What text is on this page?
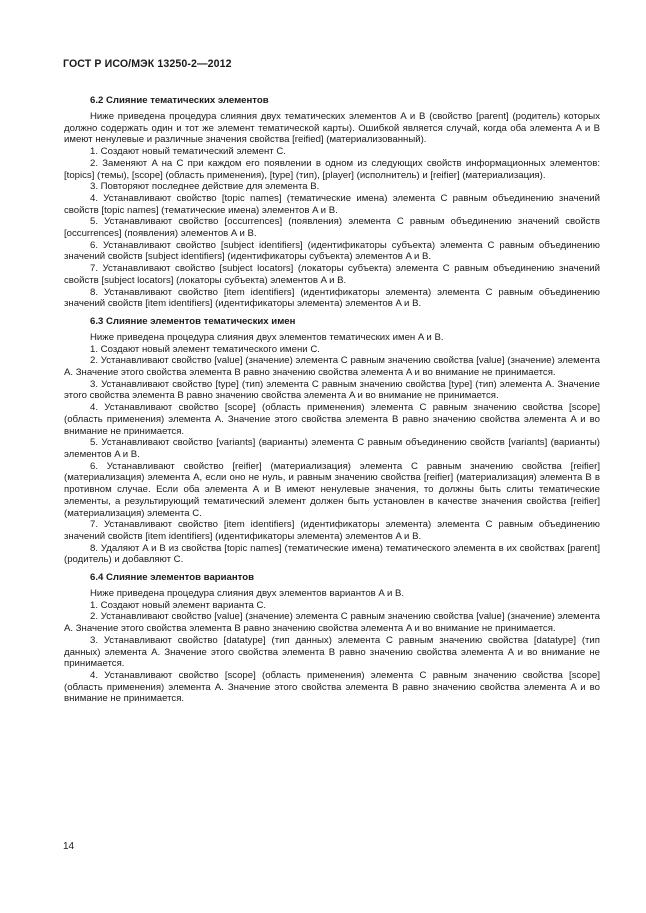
ГОСТ Р ИСО/МЭК 13250-2—2012
6.2 Слияние тематических элементов

Ниже приведена процедура слияния двух тематических элементов A и B (свойство [parent] (родитель) которых должно содержать один и тот же элемент тематической карты). Ошибкой является случай, когда оба элемента A и B имеют ненулевые и различные значения свойства [reified] (материализованный).

1. Создают новый тематический элемент C.

2. Заменяют A на C при каждом его появлении в одном из следующих свойств информационных элементов: [topics] (темы), [scope] (область применения), [type] (тип), [player] (исполнитель) и [reifier] (материализация).

3. Повторяют последнее действие для элемента B.

4. Устанавливают свойство [topic names] (тематические имена) элемента C равным объединению значений свойств [topic names] (тематические имена) элементов A и B.

5. Устанавливают свойство [occurrences] (появления) элемента C равным объединению значений свойств [occurrences] (появления) элементов A и B.

6. Устанавливают свойство [subject identifiers] (идентификаторы субъекта) элемента C равным объединению значений свойств [subject identifiers] (идентификаторы субъекта) элементов A и B.

7. Устанавливают свойство [subject locators] (локаторы субъекта) элемента C равным объединению значений свойств [subject locators] (локаторы субъекта) элементов A и B.

8. Устанавливают свойство [item identifiers] (идентификаторы элемента) элемента C равным объединению значений свойств [item identifiers] (идентификаторы элемента) элементов A и B.

6.3 Слияние элементов тематических имен

Ниже приведена процедура слияния двух элементов тематических имен A и B.

1. Создают новый элемент тематического имени C.

2. Устанавливают свойство [value] (значение) элемента C равным значению свойства [value] (значение) элемента A. Значение этого свойства элемента B равно значению свойства элемента A и во внимание не принимается.

3. Устанавливают свойство [type] (тип) элемента C равным значению свойства [type] (тип) элемента A. Значение этого свойства элемента B равно значению свойства элемента A и во внимание не принимается.

4. Устанавливают свойство [scope] (область применения) элемента C равным значению свойства [scope] (область применения) элемента A. Значение этого свойства элемента B равно значению свойства элемента A и во внимание не принимается.

5. Устанавливают свойство [variants] (варианты) элемента C равным объединению свойств [variants] (варианты) элементов A и B.

6. Устанавливают свойство [reifier] (материализация) элемента C равным значению свойства [reifier] (материализация) элемента A, если оно не нуль, и равным значению свойства [reifier] (материализация) элемента B в противном случае. Если оба элемента A и B имеют ненулевые значения, то должны быть слиты тематические элементы, а результирующий тематический элемент должен быть установлен в качестве значения свойства [reifier] (материализация) элемента C.

7. Устанавливают свойство [item identifiers] (идентификаторы элемента) элемента C равным объединению значений свойств [item identifiers] (идентификаторы элемента) элементов A и B.

8. Удаляют A и B из свойства [topic names] (тематические имена) тематического элемента в их свойствах [parent] (родитель) и добавляют C.

6.4 Слияние элементов вариантов

Ниже приведена процедура слияния двух элементов вариантов A и B.

1. Создают новый элемент варианта C.

2. Устанавливают свойство [value] (значение) элемента C равным значению свойства [value] (значение) элемента A. Значение этого свойства элемента B равно значению свойства элемента A и во внимание не принимается.

3. Устанавливают свойство [datatype] (тип данных) элемента C равным значению свойства [datatype] (тип данных) элемента A. Значение этого свойства элемента B равно значению свойства элемента A и во внимание не принимается.

4. Устанавливают свойство [scope] (область применения) элемента C равным значению свойства [scope] (область применения) элемента A. Значение этого свойства элемента B равно значению свойства элемента A и во внимание не принимается.

14
